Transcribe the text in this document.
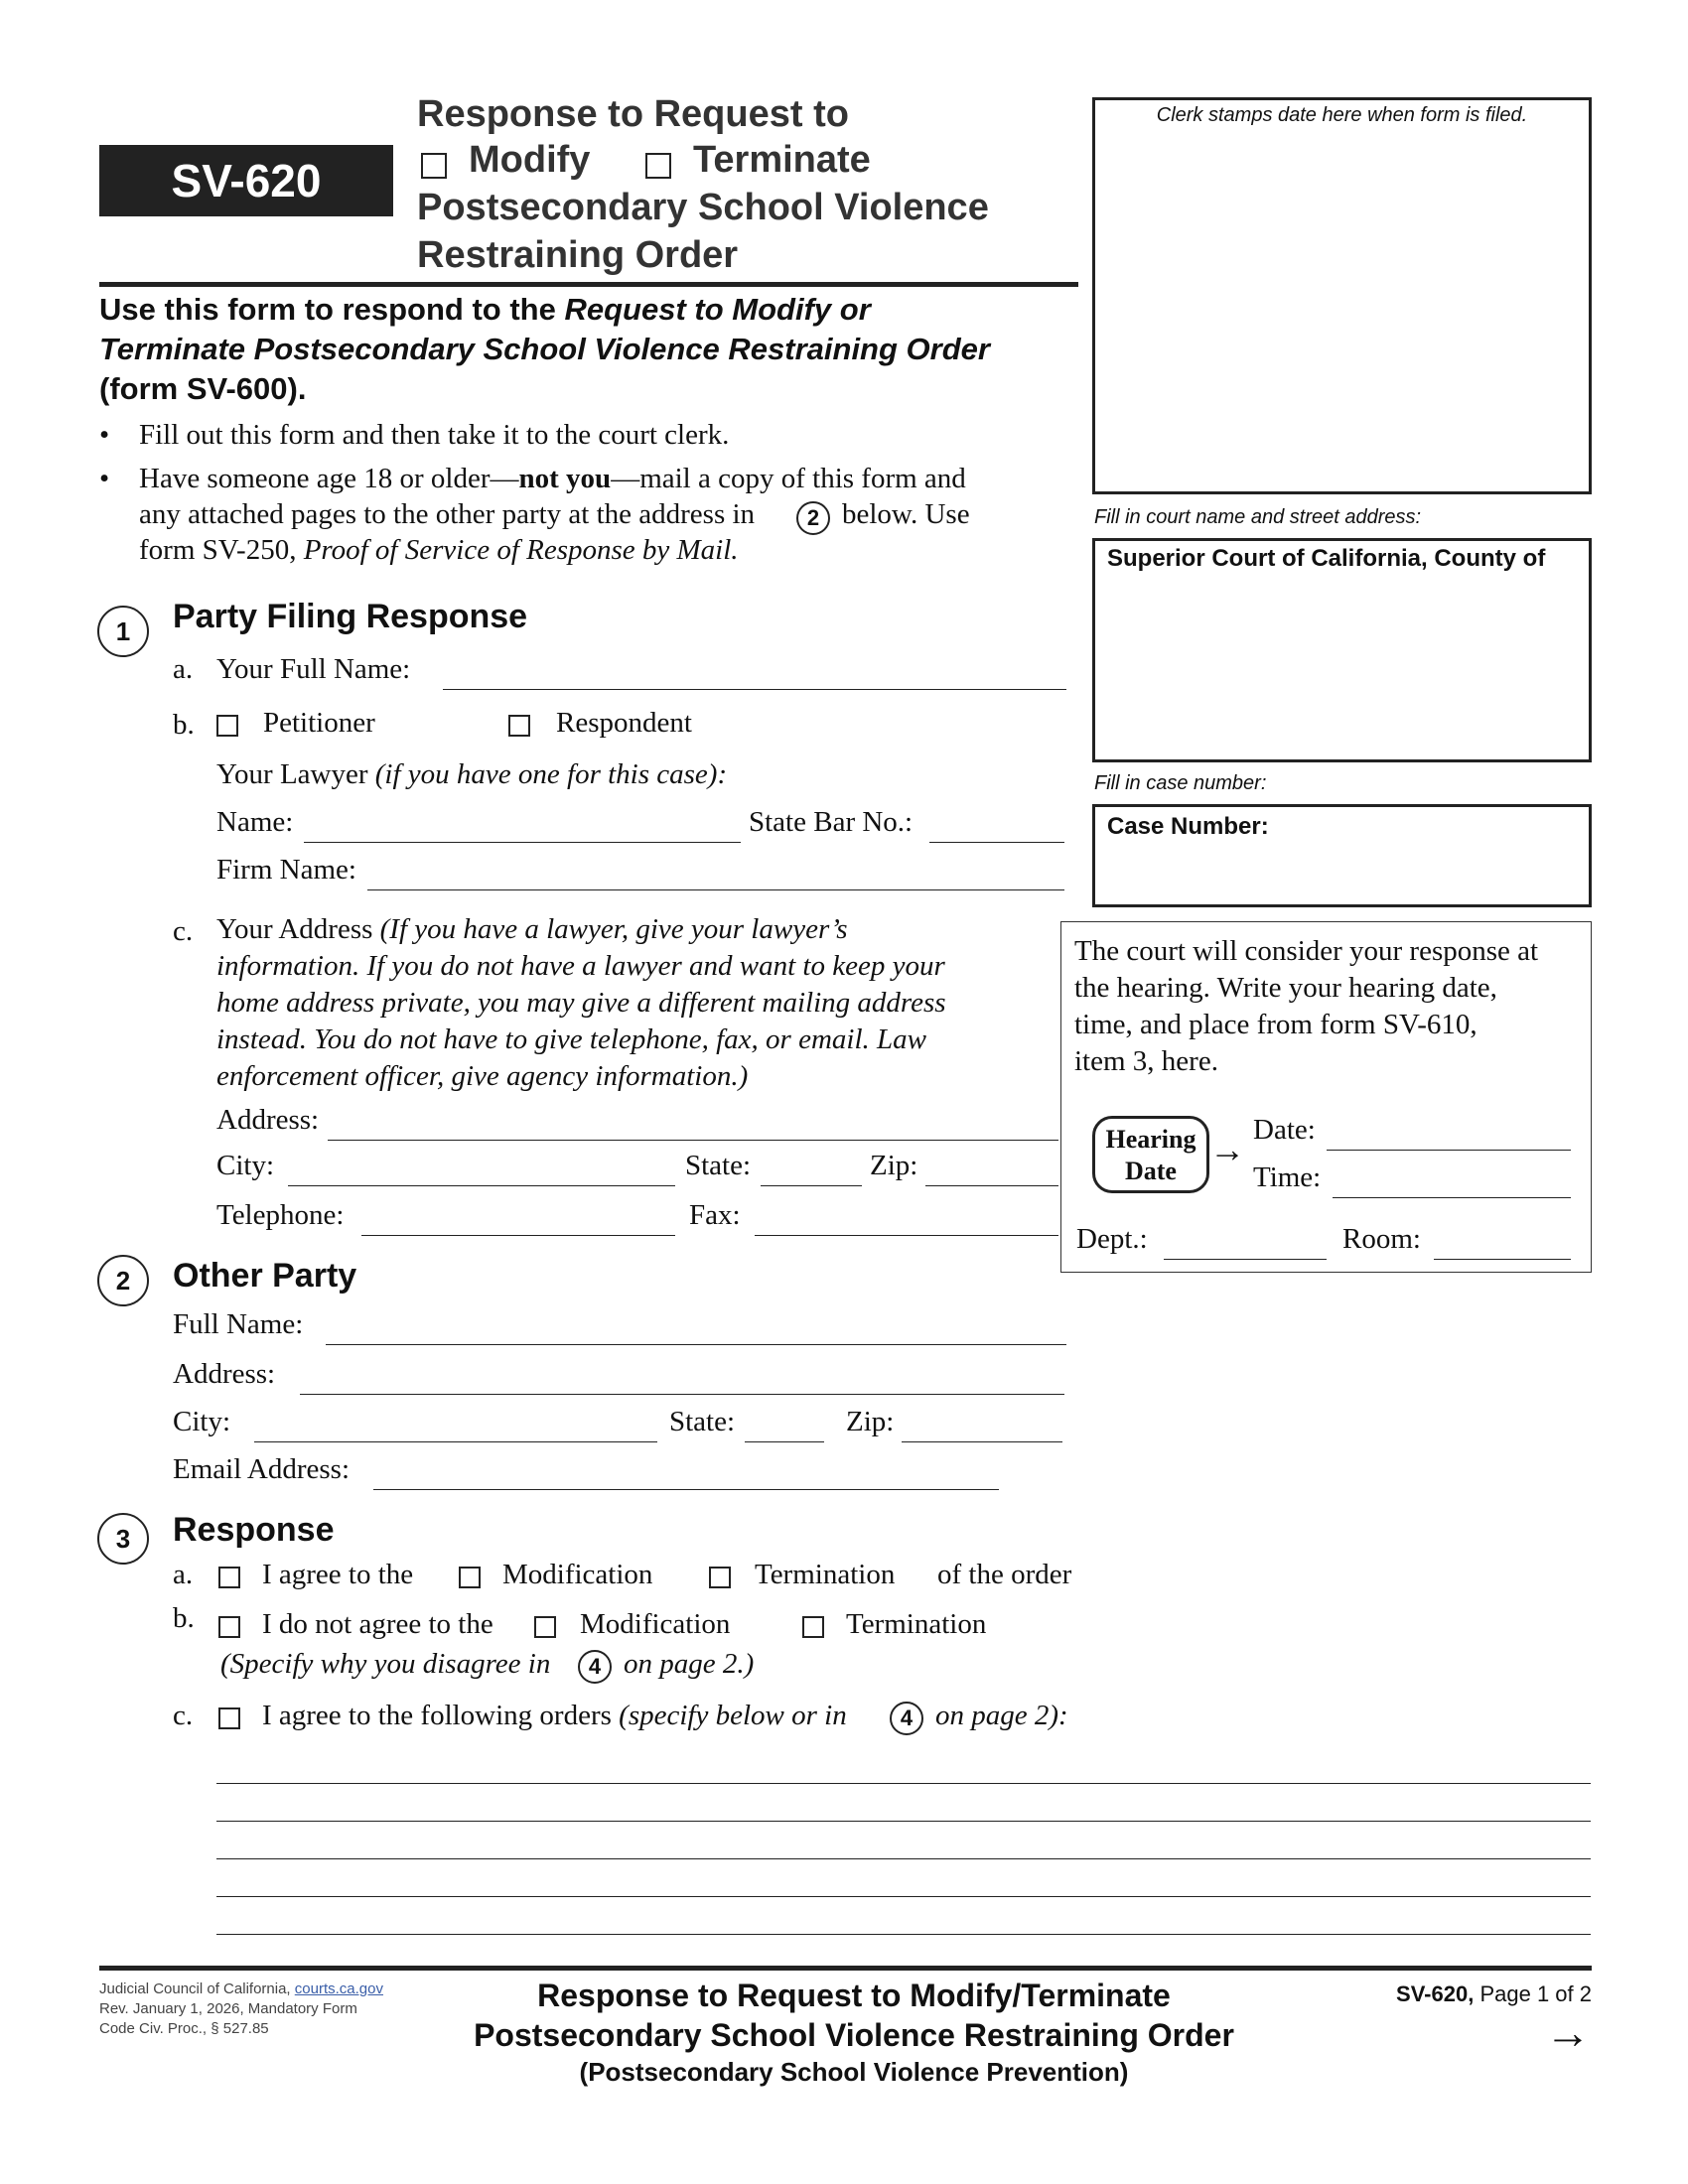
SV-620
Response to Request to
Modify	Terminate
Postsecondary School Violence
Restraining Order
Use this form to respond to the Request to Modify or
Terminate Postsecondary School Violence Restraining Order
(form SV-600).
• Fill out this form and then take it to the court clerk.
• Have someone age 18 or older—not you—mail a copy of this form and
any attached pages to the other party at the address in 2 below. Use
form SV-250, Proof of Service of Response by Mail.
Clerk stamps date here when form is filed.
Fill in court name and street address:
Superior Court of California, County of
Fill in case number:
Case Number:
The court will consider your response at
the hearing. Write your hearing date,
time, and place from form SV-610,
item 3, here.
Hearing
Date
→ Date:
Time:
Dept.:	Room:
1 Party Filing Response
a. Your Full Name:
b. Petitioner	Respondent
Your Lawyer (if you have one for this case):
Name:	State Bar No.:
Firm Name:
c. Your Address (If you have a lawyer, give your lawyer’s
information. If you do not have a lawyer and want to keep your
home address private, you may give a different mailing address
instead. You do not have to give telephone, fax, or email. Law
enforcement officer, give agency information.)
Address:
City:	State:	Zip:
Telephone:	Fax:
2 Other Party
Full Name:
Address:
City:	State:	Zip:
Email Address:
3 Response
a. I agree to the	Modification	Termination of the order
b. I do not agree to the	Modification	Termination
(Specify why you disagree in 4 on page 2.)
c. I agree to the following orders (specify below or in 4 on page 2):
Judicial Council of California, courts.ca.gov
Rev. January 1, 2026, Mandatory Form
Code Civ. Proc., § 527.85
Response to Request to Modify/Terminate
Postsecondary School Violence Restraining Order
(Postsecondary School Violence Prevention)
SV-620, Page 1 of 2
→
